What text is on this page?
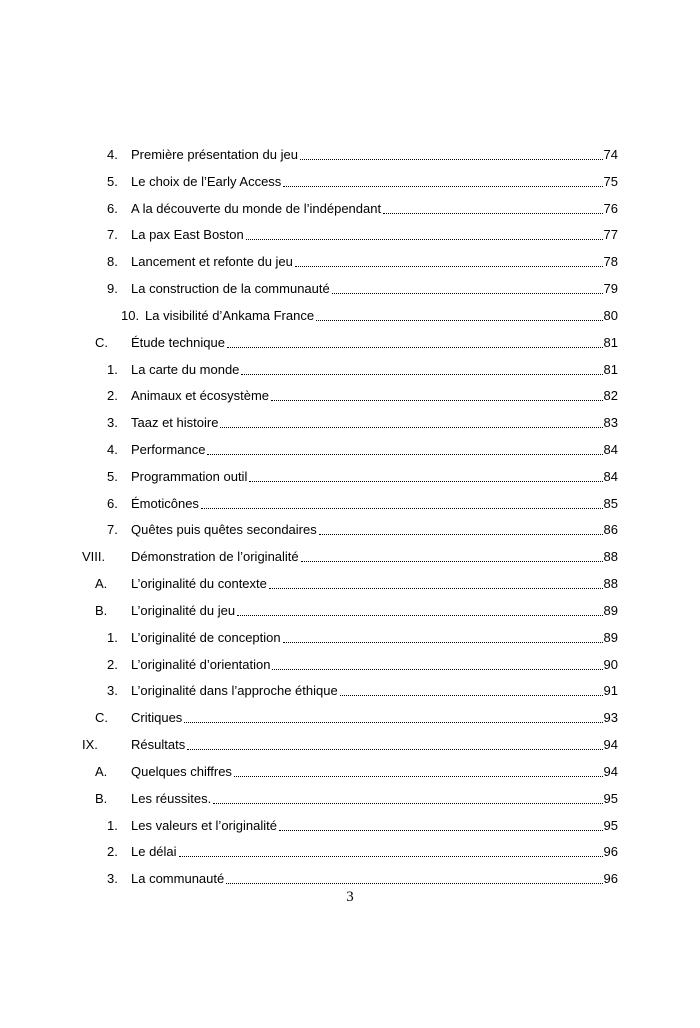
4. Première présentation du jeu	74
5. Le choix de l’Early Access	75
6. A la découverte du monde de l’indépendant	76
7. La pax East Boston	77
8. Lancement et refonte du jeu	78
9. La construction de la communauté	79
10. La visibilité d’Ankama France	80
C. Étude technique	81
1. La carte du monde	81
2. Animaux et écosystème	82
3. Taaz et histoire	83
4. Performance	84
5. Programmation outil	84
6. Émoticônes	85
7. Quêtes puis quêtes secondaires	86
VIII. Démonstration de l’originalité	88
A. L’originalité du contexte	88
B. L’originalité du jeu	89
1. L’originalité de conception	89
2. L’originalité d’orientation	90
3. L’originalité dans l’approche éthique	91
C. Critiques	93
IX.	Résultats	94
A. Quelques chiffres	94
B. Les réussites.	95
1. Les valeurs et l’originalité	95
2. Le délai	96
3. La communauté	96
3
